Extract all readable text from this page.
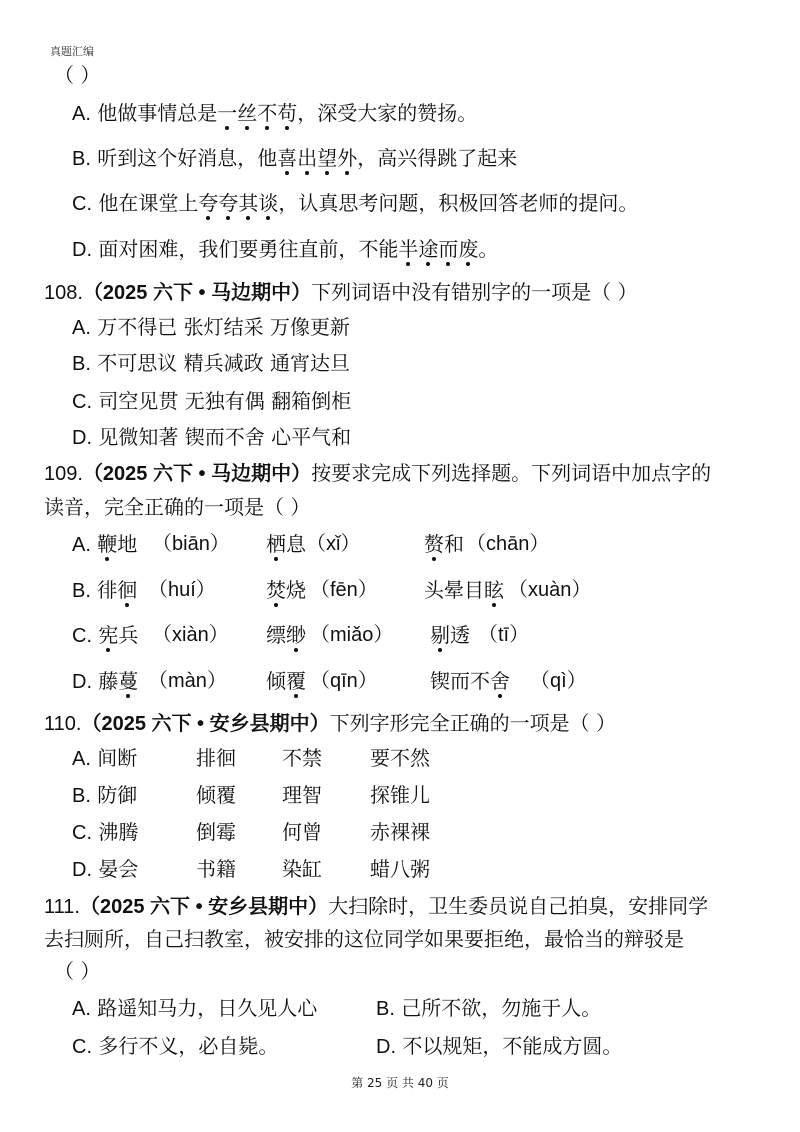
真题汇编
（ ）
A. 他做事情总是一丝不苟，深受大家的赞扬。
B. 听到这个好消息，他喜出望外，高兴得跳了起来
C. 他在课堂上夸夸其谈，认真思考问题，积极回答老师的提问。
D. 面对困难，我们要勇往直前，不能半途而废。
108.（2025 六下 • 马边期中）下列词语中没有错别字的一项是（ ）
A. 万不得已 张灯结采 万像更新
B. 不可思议 精兵减政 通宵达旦
C. 司空见贯 无独有偶 翻箱倒柜
D. 见微知著 锲而不舍 心平气和
109.（2025 六下 • 马边期中）按要求完成下列选择题。下列词语中加点字的
读音，完全正确的一项是（ ）
A. 鞭地 （biān） 栖息 （xǐ）	赘和 （chān）
B. 徘徊 （huí）	焚烧 （fēn） 头晕目眩 （xuàn）
C. 宪兵 （xiàn） 缥缈 （miǎo） 剔透 （tī）
D. 藤蔓 （màn） 倾覆 （qīn）	锲而不舍 （qì）
110.（2025 六下 • 安乡县期中）下列字形完全正确的一项是（ ）
A. 间断	排徊 不禁 要不然
B. 防御	倾覆 理智 探锥儿
C. 沸腾	倒霉 何曾 赤裸裸
D. 晏会	书籍 染缸 蜡八粥
111.（2025 六下 • 安乡县期中）大扫除时，卫生委员说自己拍臭，安排同学
去扫厕所，自己扫教室，被安排的这位同学如果要拒绝，最恰当的辩驳是
（ ）
A. 路遥知马力，日久见人心	B. 己所不欲，勿施于人。
C. 多行不义，必自毙。	D. 不以规矩，不能成方圆。
第 25 页 共 40 页
